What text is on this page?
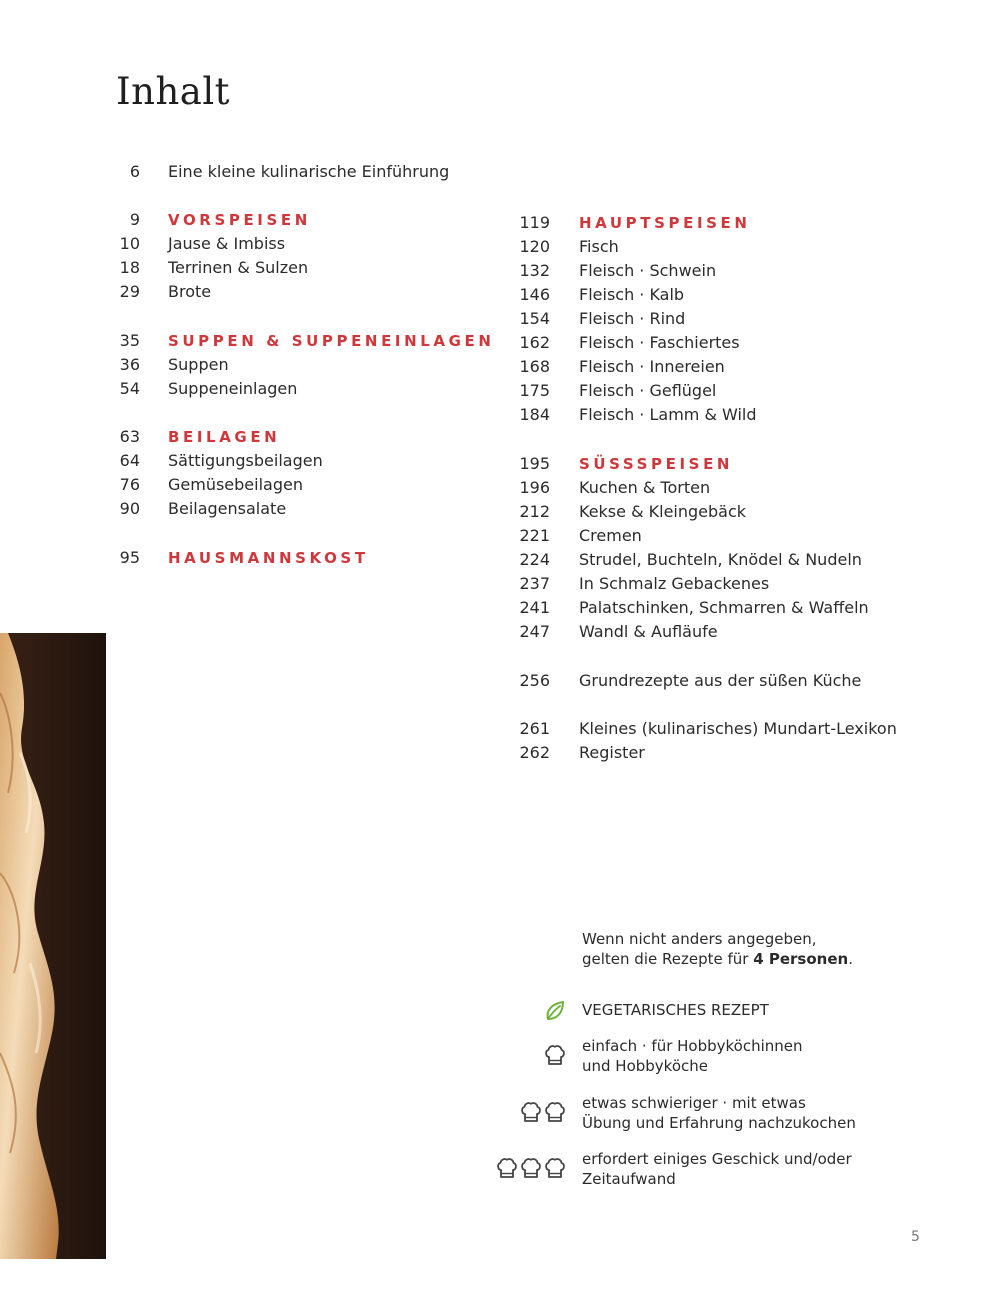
Inhalt
6 Eine kleine kulinarische Einführung
9 VORSPEISEN
10 Jause & Imbiss
18 Terrinen & Sulzen
29 Brote
35 SUPPEN & SUPPENEINLAGEN
36 Suppen
54 Suppeneinlagen
63 BEILAGEN
64 Sättigungsbeilagen
76 Gemüsebeilagen
90 Beilagensalate
95 HAUSMANNSKOST
119 HAUPTSPEISEN
120 Fisch
132 Fleisch · Schwein
146 Fleisch · Kalb
154 Fleisch · Rind
162 Fleisch · Faschiertes
168 Fleisch · Innereien
175 Fleisch · Geflügel
184 Fleisch · Lamm & Wild
195 SÜSSSPEISEN
196 Kuchen & Torten
212 Kekse & Kleingebäck
221 Cremen
224 Strudel, Buchteln, Knödel & Nudeln
237 In Schmalz Gebackenes
241 Palatschinken, Schmarren & Waffeln
247 Wandl & Aufläufe
256 Grundrezepte aus der süßen Küche
261 Kleines (kulinarisches) Mundart-Lexikon
262 Register
Wenn nicht anders angegeben,
gelten die Rezepte für 4 Personen.
VEGETARISCHES REZEPT
einfach · für Hobbyköchinnen
und Hobbyköche
etwas schwieriger · mit etwas
Übung und Erfahrung nachzukochen
erfordert einiges Geschick und/oder
Zeitaufwand
5
